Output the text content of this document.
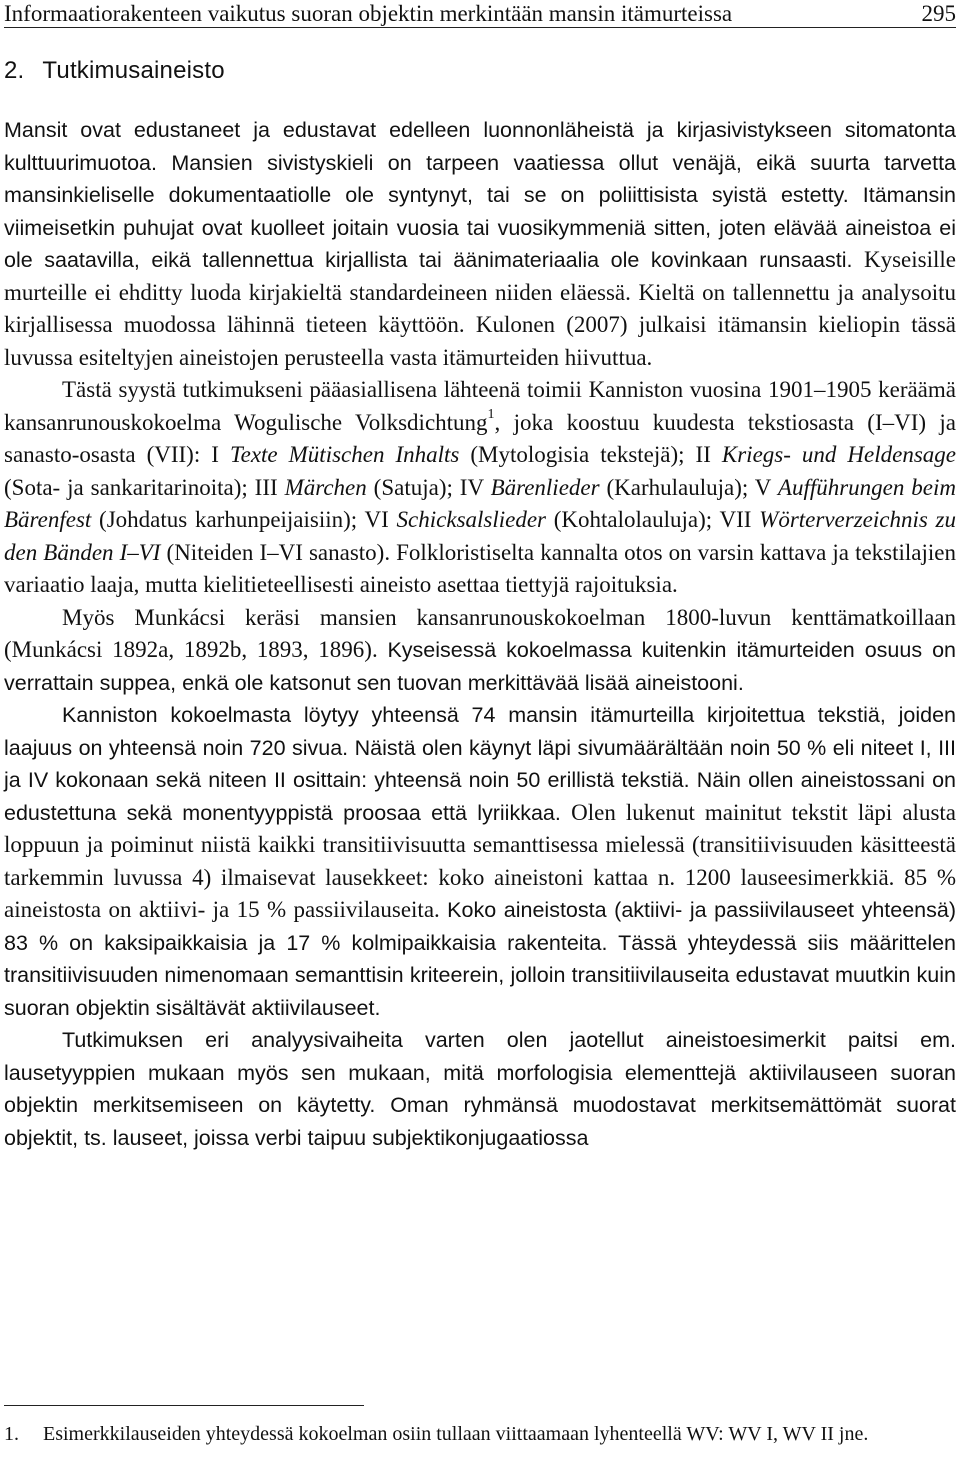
Informaatiorakenteen vaikutus suoran objektin merkintään mansin itämurteissa	295
2. Tutkimusaineisto

Mansit ovat edustaneet ja edustavat edelleen luonnonläheistä ja kirjasivistykseen sitomatonta kulttuurimuotoa. Mansien sivistyskieli on tarpeen vaatiessa ollut venäjä, eikä suurta tarvetta mansinkieliselle dokumentaatiolle ole syntynyt, tai se on poliittisista syistä estetty. Itämansin viimeisetkin puhujat ovat kuolleet joitain vuosia tai vuosikymmeniä sitten, joten elävää aineistoa ei ole saatavilla, eikä tallennettua kirjallista tai äänimateriaalia ole kovinkaan runsaasti. Kyseisille murteille ei ehditty luoda kirjakieltä standardeineen niiden eläessä. Kieltä on tallennettu ja analysoitu kirjallisessa muodossa lähinnä tieteen käyttöön. Kulonen (2007) julkaisi itämansin kieliopin tässä luvussa esiteltyjen aineistojen perusteella vasta itämurteiden hiivuttua.

Tästä syystä tutkimukseni pääasiallisena lähteenä toimii Kanniston vuosina 1901–1905 keräämä kansanrunouskokoelma Wogulische Volksdichtung$^1$, joka koostuu kuudesta tekstiosasta (I–VI) ja sanasto-osasta (VII): I Texte Mütischen Inhalts (Mytologisia tekstejä); II Kriegs- und Heldensage (Sota- ja sankaritarinoita); III Märchen (Satuja); IV Bärenlieder (Karhulauluja); V Aufführungen beim Bärenfest (Johdatus karhunpeijaisiin); VI Schicksalslieder (Kohtalolauluja); VII Wörterverzeichnis zu den Bänden I–VI (Niteiden I–VI sanasto). Folkloristiselta kannalta otos on varsin kattava ja tekstilajien variaatio laaja, mutta kielitieteellisesti aineisto asettaa tiettyjä rajoituksia.

Myös Munkácsi keräsi mansien kansanrunouskokoelman 1800-luvun kenttämatkoillaan (Munkácsi 1892a, 1892b, 1893, 1896). Kyseisessä kokoelmassa kuitenkin itämurteiden osuus on verrattain suppea, enkä ole katsonut sen tuovan merkittävää lisää aineistooni.

Kanniston kokoelmasta löytyy yhteensä 74 mansin itämurteilla kirjoitettua tekstiä, joiden laajuus on yhteensä noin 720 sivua. Näistä olen käynyt läpi sivumäärältään noin 50 % eli niteet I, III ja IV kokonaan sekä niteen II osittain: yhteensä noin 50 erillistä tekstiä. Näin ollen aineistossani on edustettuna sekä monentyyppistä proosaa että lyriikkaa. Olen lukenut mainitut tekstit läpi alusta loppuun ja poiminut niistä kaikki transitiivisuutta semanttisessa mielessä (transitiivisuuden käsitteestä tarkemmin luvussa 4) ilmaisevat lausekkeet: koko aineistoni kattaa n. 1200 lauseesimerkkiä. 85 % aineistosta on aktiivi- ja 15 % passiivilauseita. Koko aineistosta (aktiivi- ja passiivilauseet yhteensä) 83 % on kaksipaikkaisia ja 17 % kolmipaikkaisia rakenteita. Tässä yhteydessä siis määrittelen transitiivisuuden nimenomaan semanttisin kriteerein, jolloin transitiivilauseita edustavat muutkin kuin suoran objektin sisältävät aktiivilauseet.

Tutkimuksen eri analyysivaiheita varten olen jaotellut aineistoesimerkit paitsi em. lausetyyppien mukaan myös sen mukaan, mitä morfologisia elementtejä aktiivilauseen suoran objektin merkitsemiseen on käytetty. Oman ryhmänsä muodostavat merkitsemättömät suorat objektit, ts. lauseet, joissa verbi taipuu subjektikonjugaatiossa

1. Esimerkkilauseiden yhteydessä kokoelman osiin tullaan viittaamaan lyhenteellä WV: WV I, WV II jne.
